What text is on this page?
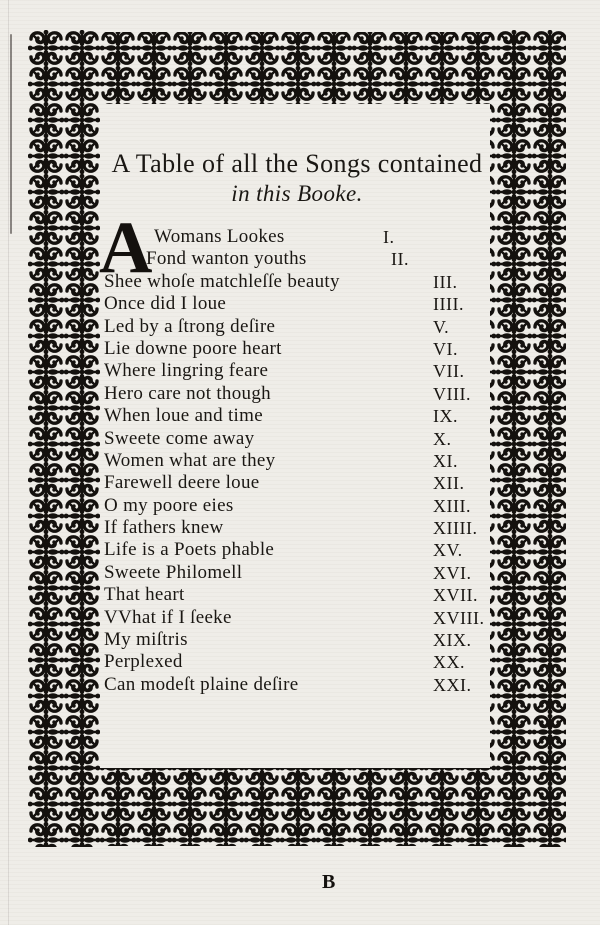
A Table of all the Songs contained
in this Booke.
A Womans Lookes	I.
Fond wanton youths	II.
Shee whoſe matchleſſe beauty	III.
Once did I loue	IIII.
Led by a ſtrong deſire	V.
Lie downe poore heart	VI.
Where lingring feare	VII.
Hero care not though	VIII.
When loue and time	IX.
Sweete come away	X.
Women what are they	XI.
Farewell deere loue	XII.
O my poore eies	XIII.
If fathers knew	XIIII.
Life is a Poets phable	XV.
Sweete Philomell	XVI.
That heart	XVII.
VVhat if I ſeeke	XVIII.
My miſtris	XIX.
Perplexed	XX.
Can modeſt plaine deſire	XXI.
B
